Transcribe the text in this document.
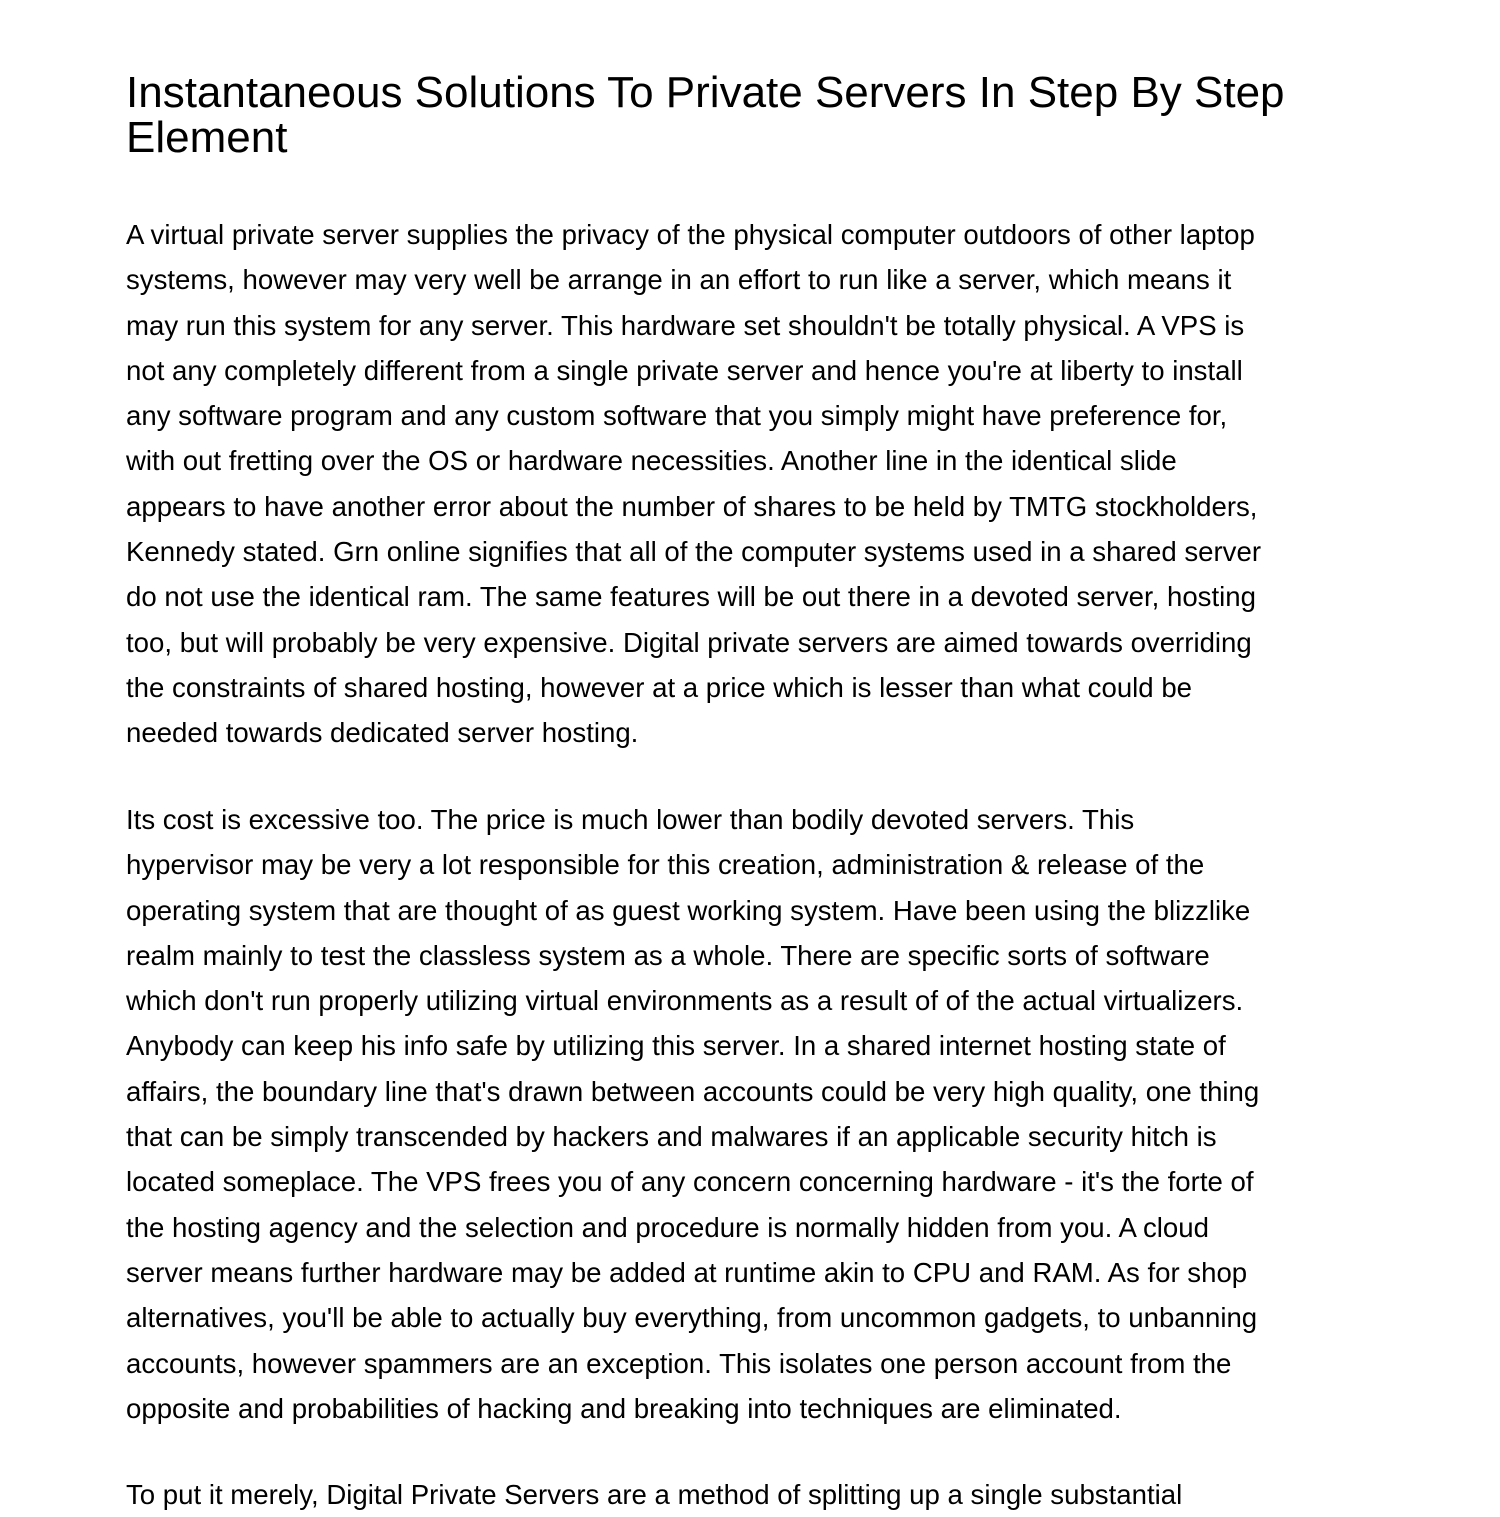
Instantaneous Solutions To Private Servers In Step By Step
Element
A virtual private server supplies the privacy of the physical computer outdoors of other laptop
systems, however may very well be arrange in an effort to run like a server, which means it
may run this system for any server. This hardware set shouldn't be totally physical. A VPS is
not any completely different from a single private server and hence you're at liberty to install
any software program and any custom software that you simply might have preference for,
with out fretting over the OS or hardware necessities. Another line in the identical slide
appears to have another error about the number of shares to be held by TMTG stockholders,
Kennedy stated. Grn online signifies that all of the computer systems used in a shared server
do not use the identical ram. The same features will be out there in a devoted server, hosting
too, but will probably be very expensive. Digital private servers are aimed towards overriding
the constraints of shared hosting, however at a price which is lesser than what could be
needed towards dedicated server hosting.
Its cost is excessive too. The price is much lower than bodily devoted servers. This
hypervisor may be very a lot responsible for this creation, administration & release of the
operating system that are thought of as guest working system. Have been using the blizzlike
realm mainly to test the classless system as a whole. There are specific sorts of software
which don't run properly utilizing virtual environments as a result of of the actual virtualizers.
Anybody can keep his info safe by utilizing this server. In a shared internet hosting state of
affairs, the boundary line that's drawn between accounts could be very high quality, one thing
that can be simply transcended by hackers and malwares if an applicable security hitch is
located someplace. The VPS frees you of any concern concerning hardware - it's the forte of
the hosting agency and the selection and procedure is normally hidden from you. A cloud
server means further hardware may be added at runtime akin to CPU and RAM. As for shop
alternatives, you'll be able to actually buy everything, from uncommon gadgets, to unbanning
accounts, however spammers are an exception. This isolates one person account from the
opposite and probabilities of hacking and breaking into techniques are eliminated.
To put it merely, Digital Private Servers are a method of splitting up a single substantial
